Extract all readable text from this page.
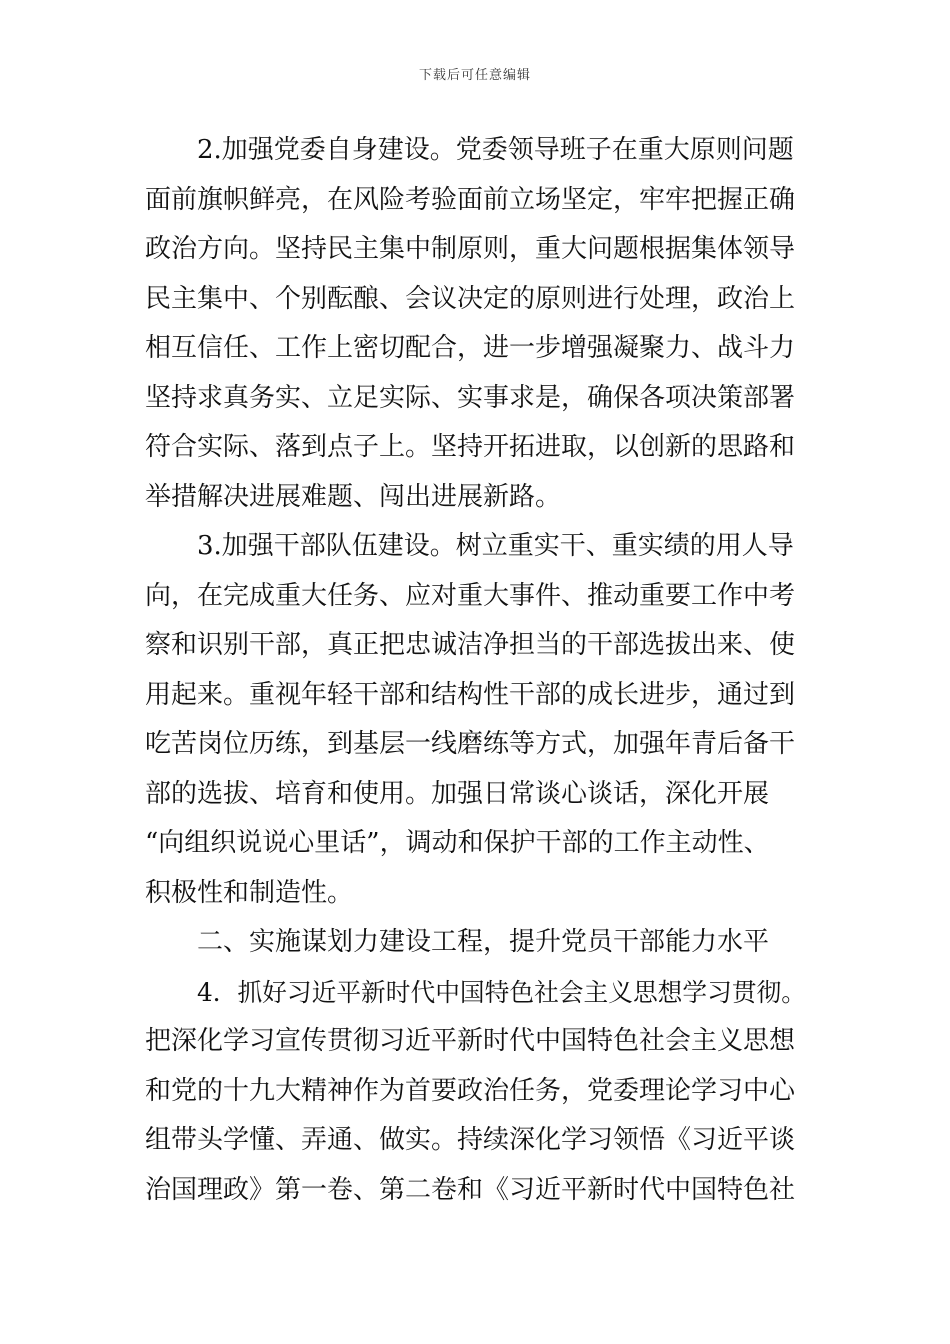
下载后可任意编辑
2.加强党委自身建设。党委领导班子在重大原则问题
面前旗帜鲜亮，在风险考验面前立场坚定，牢牢把握正确
政治方向。坚持民主集中制原则，重大问题根据集体领导
民主集中、个别酝酿、会议决定的原则进行处理，政治上
相互信任、工作上密切配合，进一步增强凝聚力、战斗力
坚持求真务实、立足实际、实事求是，确保各项决策部署
符合实际、落到点子上。坚持开拓进取，以创新的思路和
举措解决进展难题、闯出进展新路。
3.加强干部队伍建设。树立重实干、重实绩的用人导
向，在完成重大任务、应对重大事件、推动重要工作中考
察和识别干部，真正把忠诚洁净担当的干部选拔出来、使
用起来。重视年轻干部和结构性干部的成长进步，通过到
吃苦岗位历练，到基层一线磨练等方式，加强年青后备干
部的选拔、培育和使用。加强日常谈心谈话，深化开展
“向组织说说心里话”，调动和保护干部的工作主动性、
积极性和制造性。
二、实施谋划力建设工程，提升党员干部能力水平
4．抓好习近平新时代中国特色社会主义思想学习贯彻。
把深化学习宣传贯彻习近平新时代中国特色社会主义思想
和党的十九大精神作为首要政治任务，党委理论学习中心
组带头学懂、弄通、做实。持续深化学习领悟《习近平谈
治国理政》第一卷、第二卷和《习近平新时代中国特色社
